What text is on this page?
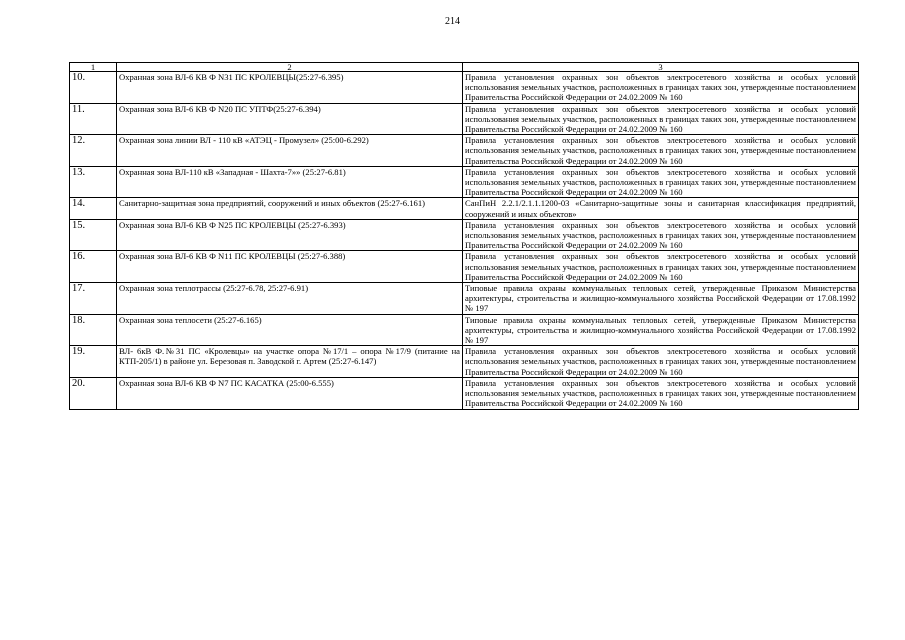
214
1	2	3
10.	Охранная зона ВЛ-6 КВ Ф N31 ПС КРОЛЕВЦЫ(25:27-6.395)	Правила установления охранных зон объектов электросетевого хозяйства и особых условий использования земельных участков, расположенных в границах таких зон, утвержденные постановлением Правительства Российской Федерации от 24.02.2009 № 160
11.	Охранная зона ВЛ-6 КВ Ф N20 ПС УПТФ(25:27-6.394)	Правила установления охранных зон объектов электросетевого хозяйства и особых условий использования земельных участков, расположенных в границах таких зон, утвержденные постановлением Правительства Российской Федерации от 24.02.2009 № 160
12.	Охранная зона линии ВЛ - 110 кВ «АТЭЦ - Промузел» (25:00-6.292)	Правила установления охранных зон объектов электросетевого хозяйства и особых условий использования земельных участков, расположенных в границах таких зон, утвержденные постановлением Правительства Российской Федерации от 24.02.2009 № 160
13.	Охранная зона ВЛ-110 кВ «Западная - Шахта-7»» (25:27-6.81)	Правила установления охранных зон объектов электросетевого хозяйства и особых условий использования земельных участков, расположенных в границах таких зон, утвержденные постановлением Правительства Российской Федерации от 24.02.2009 № 160
14.	Санитарно-защитная зона предприятий, сооружений и иных объектов (25:27-6.161)	СанПиН 2.2.1/2.1.1.1200-03 «Санитарно-защитные зоны и санитарная классификация предприятий, сооружений и иных объектов»
15.	Охранная зона ВЛ-6 КВ Ф N25 ПС КРОЛЕВЦЫ (25:27-6.393)	Правила установления охранных зон объектов электросетевого хозяйства и особых условий использования земельных участков, расположенных в границах таких зон, утвержденные постановлением Правительства Российской Федерации от 24.02.2009 № 160
16.	Охранная зона ВЛ-6 КВ Ф N11 ПС КРОЛЕВЦЫ (25:27-6.388)	Правила установления охранных зон объектов электросетевого хозяйства и особых условий использования земельных участков, расположенных в границах таких зон, утвержденные постановлением Правительства Российской Федерации от 24.02.2009 № 160
17.	Охранная зона теплотрассы (25:27-6.78, 25:27-6.91)	Типовые правила охраны коммунальных тепловых сетей, утвержденные Приказом Министерства архитектуры, строительства и жилищно-коммунального хозяйства Российской Федерации от 17.08.1992 № 197
18.	Охранная зона теплосети (25:27-6.165)	Типовые правила охраны коммунальных тепловых сетей, утвержденные Приказом Министерства архитектуры, строительства и жилищно-коммунального хозяйства Российской Федерации от 17.08.1992 № 197
19.	ВЛ- 6кВ Ф.№31 ПС «Кролевцы» на участке опора №17/1 – опора №17/9 (питание на КТП-205/1) в районе ул. Березовая п. Заводской г. Артем (25:27-6.147)	Правила установления охранных зон объектов электросетевого хозяйства и особых условий использования земельных участков, расположенных в границах таких зон, утвержденные постановлением Правительства Российской Федерации от 24.02.2009 № 160
20.	Охранная зона ВЛ-6 КВ Ф N7 ПС КАСАТКА (25:00-6.555)	Правила установления охранных зон объектов электросетевого хозяйства и особых условий использования земельных участков, расположенных в границах таких зон, утвержденные постановлением Правительства Российской Федерации от 24.02.2009 № 160
